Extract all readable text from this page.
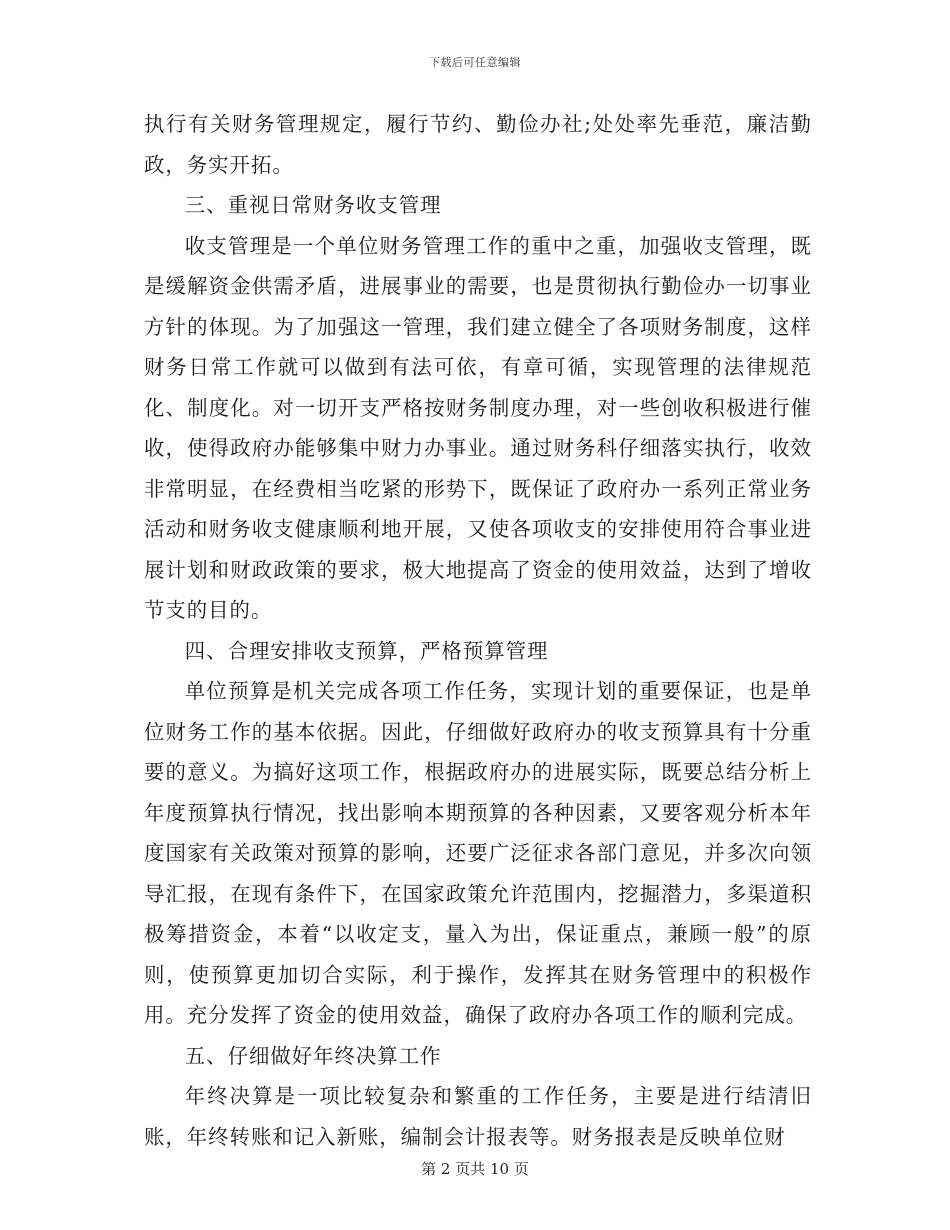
下载后可任意编辑

执行有关财务管理规定，履行节约、勤俭办社;处处率先垂范，廉洁勤政，务实开拓。

三、重视日常财务收支管理

收支管理是一个单位财务管理工作的重中之重，加强收支管理，既是缓解资金供需矛盾，进展事业的需要，也是贯彻执行勤俭办一切事业方针的体现。为了加强这一管理，我们建立健全了各项财务制度，这样财务日常工作就可以做到有法可依，有章可循，实现管理的法律规范化、制度化。对一切开支严格按财务制度办理，对一些创收积极进行催收，使得政府办能够集中财力办事业。通过财务科仔细落实执行，收效非常明显，在经费相当吃紧的形势下，既保证了政府办一系列正常业务活动和财务收支健康顺利地开展，又使各项收支的安排使用符合事业进展计划和财政政策的要求，极大地提高了资金的使用效益，达到了增收节支的目的。

四、合理安排收支预算，严格预算管理

单位预算是机关完成各项工作任务，实现计划的重要保证，也是单位财务工作的基本依据。因此，仔细做好政府办的收支预算具有十分重要的意义。为搞好这项工作，根据政府办的进展实际，既要总结分析上年度预算执行情况，找出影响本期预算的各种因素，又要客观分析本年度国家有关政策对预算的影响，还要广泛征求各部门意见，并多次向领导汇报，在现有条件下，在国家政策允许范围内，挖掘潜力，多渠道积极筹措资金，本着“以收定支，量入为出，保证重点，兼顾一般”的原则，使预算更加切合实际，利于操作，发挥其在财务管理中的积极作用。充分发挥了资金的使用效益，确保了政府办各项工作的顺利完成。

五、仔细做好年终决算工作

年终决算是一项比较复杂和繁重的工作任务，主要是进行结清旧账，年终转账和记入新账，编制会计报表等。财务报表是反映单位财

第 2 页共 10 页
